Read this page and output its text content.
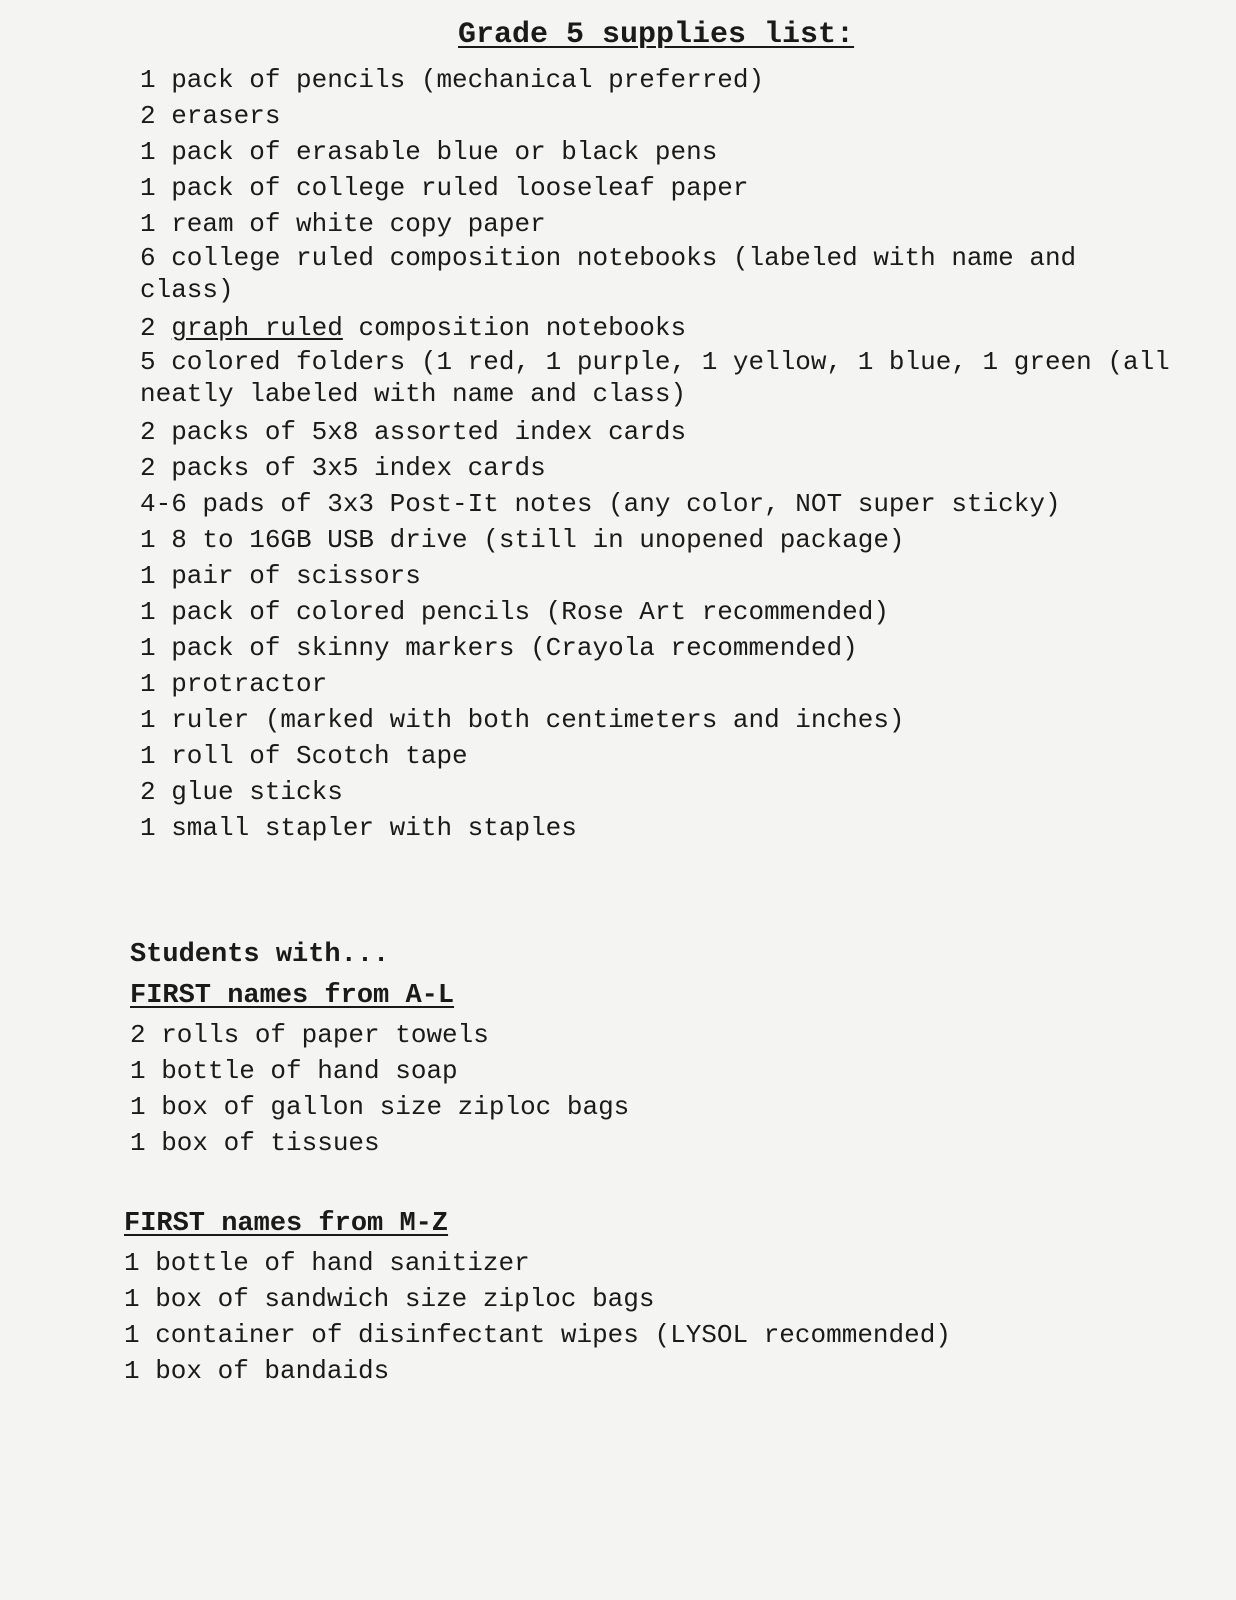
Grade 5 supplies list:
1 pack of pencils (mechanical preferred)
2 erasers
1 pack of erasable blue or black pens
1 pack of college ruled looseleaf paper
1 ream of white copy paper
6 college ruled composition notebooks (labeled with name and class)
2 graph ruled composition notebooks
5 colored folders (1 red, 1 purple, 1 yellow, 1 blue, 1 green (all neatly labeled with name and class)
2 packs of 5x8 assorted index cards
2 packs of 3x5 index cards
4-6 pads of 3x3 Post-It notes (any color, NOT super sticky)
1 8 to 16GB USB drive (still in unopened package)
1 pair of scissors
1 pack of colored pencils (Rose Art recommended)
1 pack of skinny markers (Crayola recommended)
1 protractor
1 ruler (marked with both centimeters and inches)
1 roll of Scotch tape
2 glue sticks
1 small stapler with staples
Students with...
FIRST names from A-L
2 rolls of paper towels
1 bottle of hand soap
1 box of gallon size ziploc bags
1 box of tissues
FIRST names from M-Z
1 bottle of hand sanitizer
1 box of sandwich size ziploc bags
1 container of disinfectant wipes (LYSOL recommended)
1 box of bandaids
